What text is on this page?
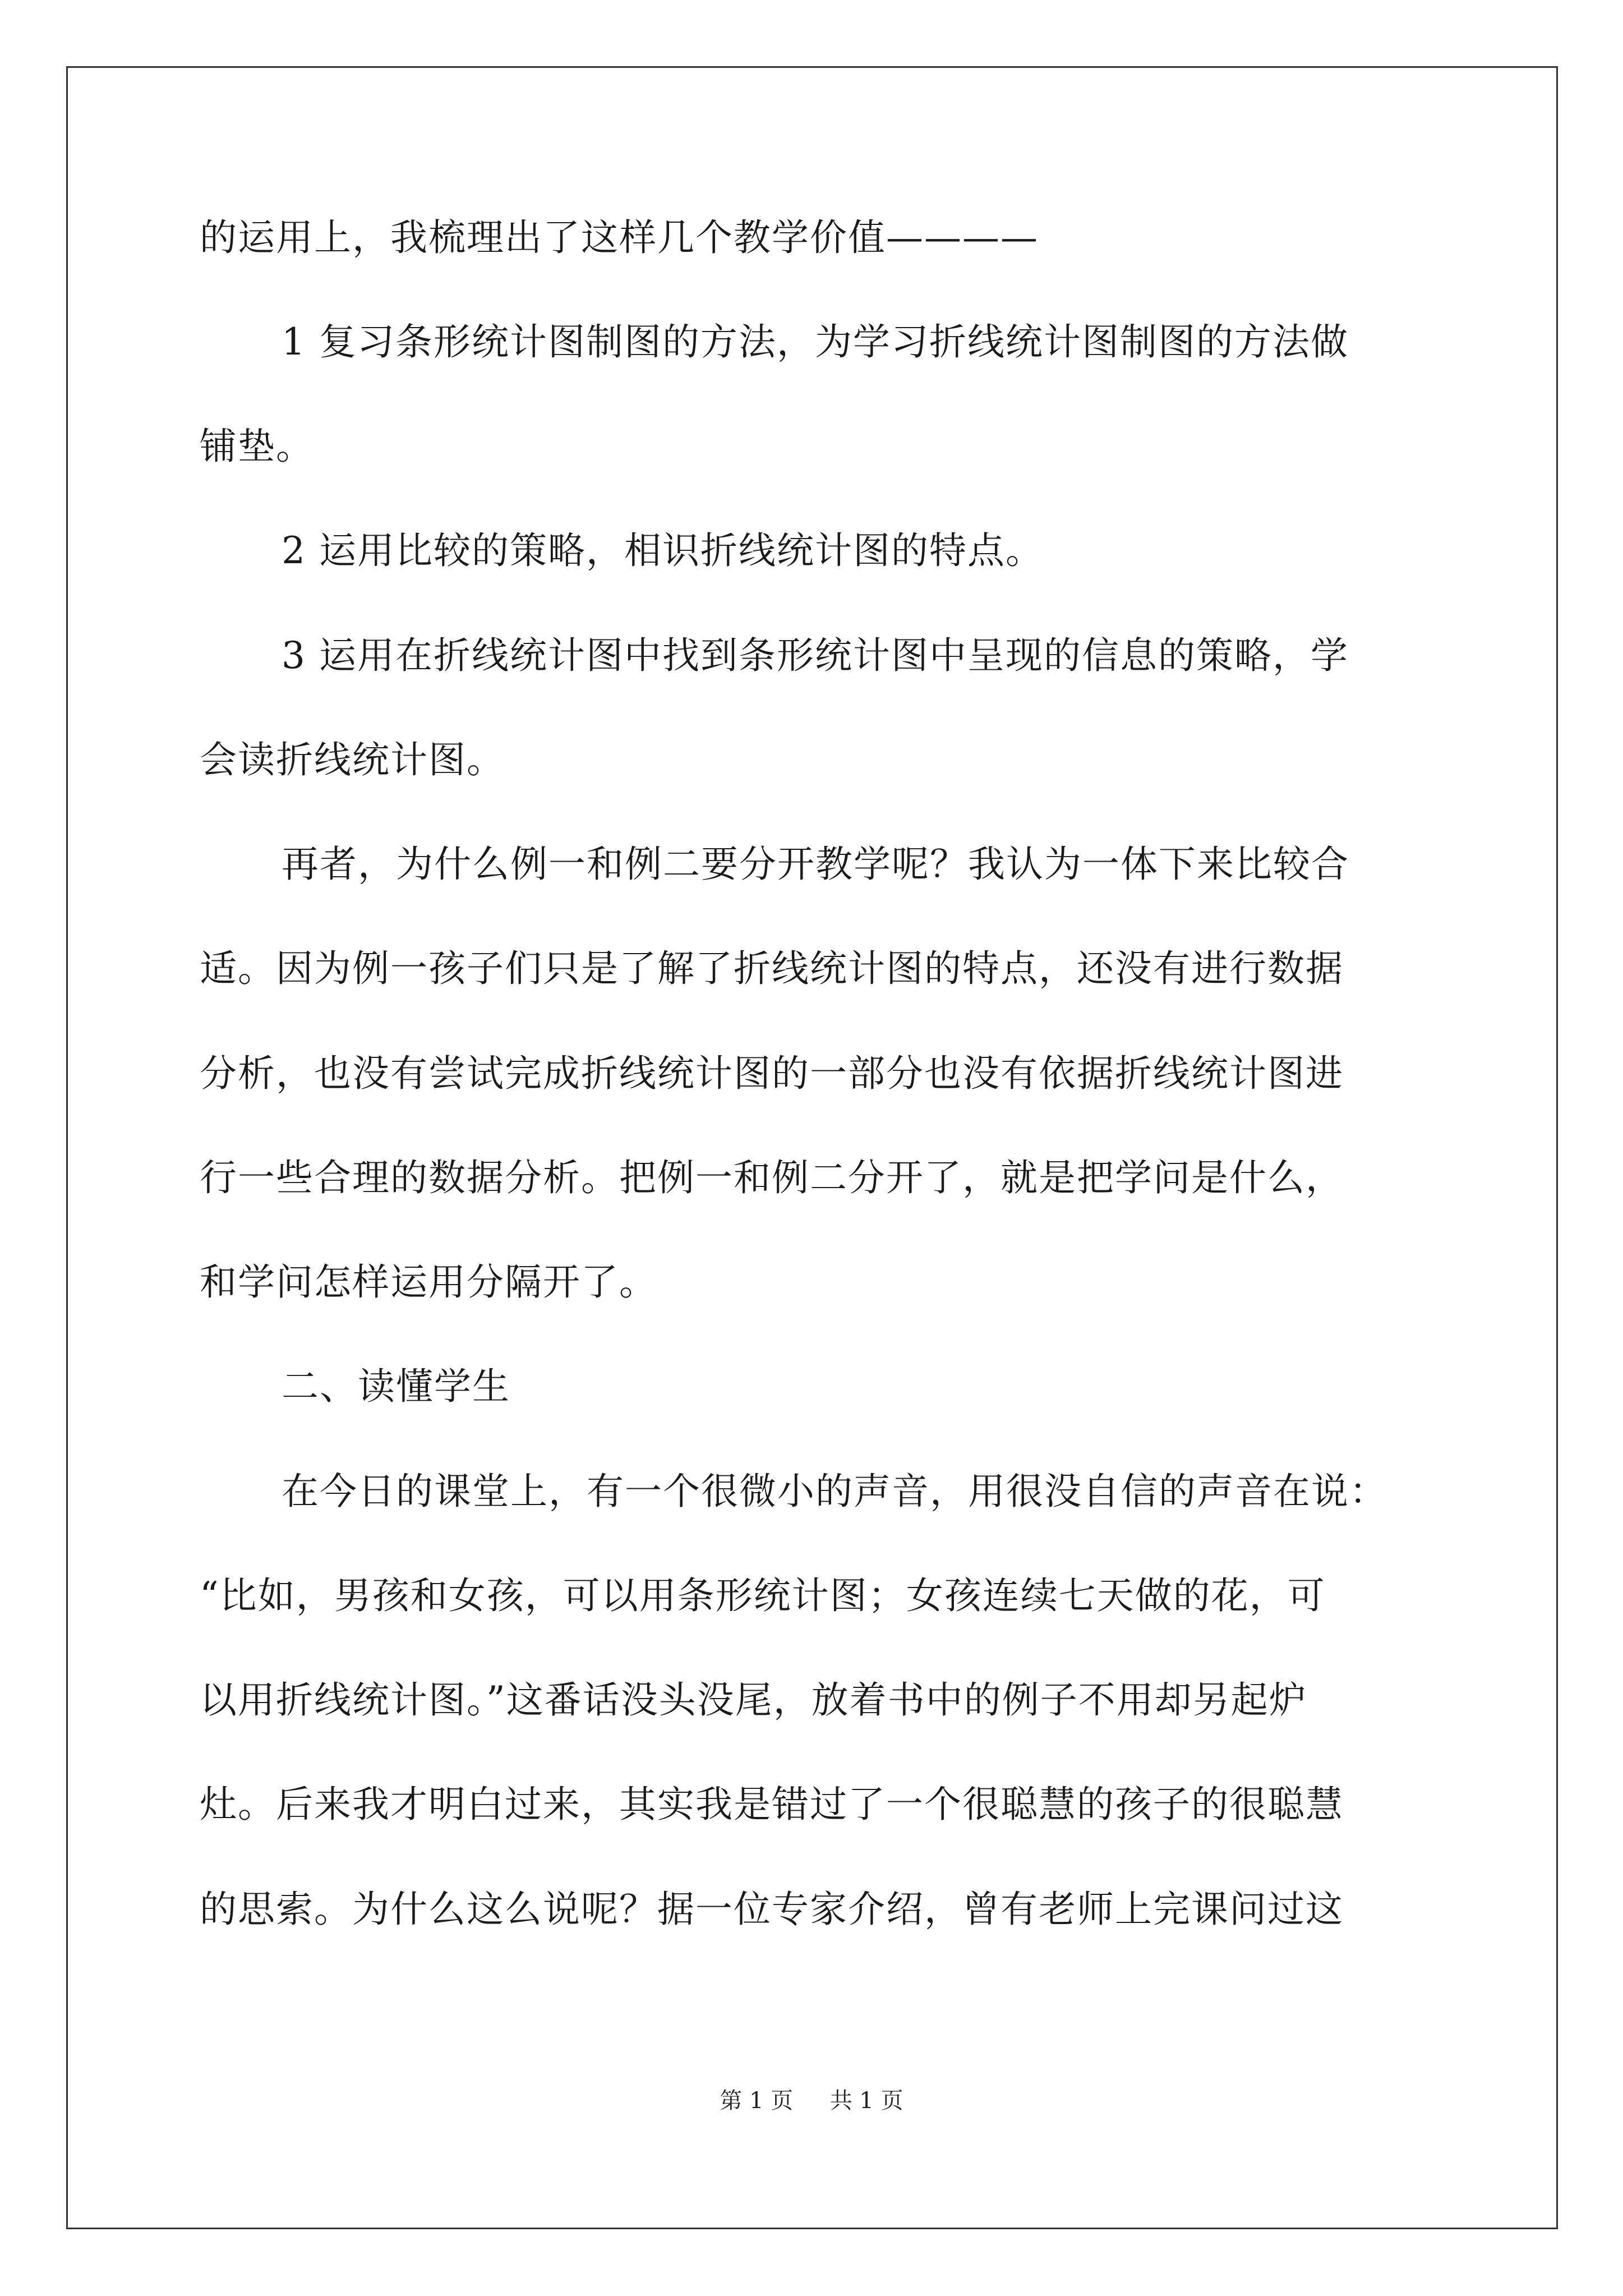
的运用上，我梳理出了这样几个教学价值————
1 复习条形统计图制图的方法，为学习折线统计图制图的方法做
铺垫。
2 运用比较的策略，相识折线统计图的特点。
3 运用在折线统计图中找到条形统计图中呈现的信息的策略，学
会读折线统计图。
再者，为什么例一和例二要分开教学呢？我认为一体下来比较合
适。因为例一孩子们只是了解了折线统计图的特点，还没有进行数据
分析，也没有尝试完成折线统计图的一部分也没有依据折线统计图进
行一些合理的数据分析。把例一和例二分开了，就是把学问是什么，
和学问怎样运用分隔开了。
二、读懂学生
在今日的课堂上，有一个很微小的声音，用很没自信的声音在说：
“比如，男孩和女孩，可以用条形统计图；女孩连续七天做的花，可
以用折线统计图。”这番话没头没尾，放着书中的例子不用却另起炉
灶。后来我才明白过来，其实我是错过了一个很聪慧的孩子的很聪慧
的思索。为什么这么说呢？据一位专家介绍，曾有老师上完课问过这
第 1 页 共 1 页
